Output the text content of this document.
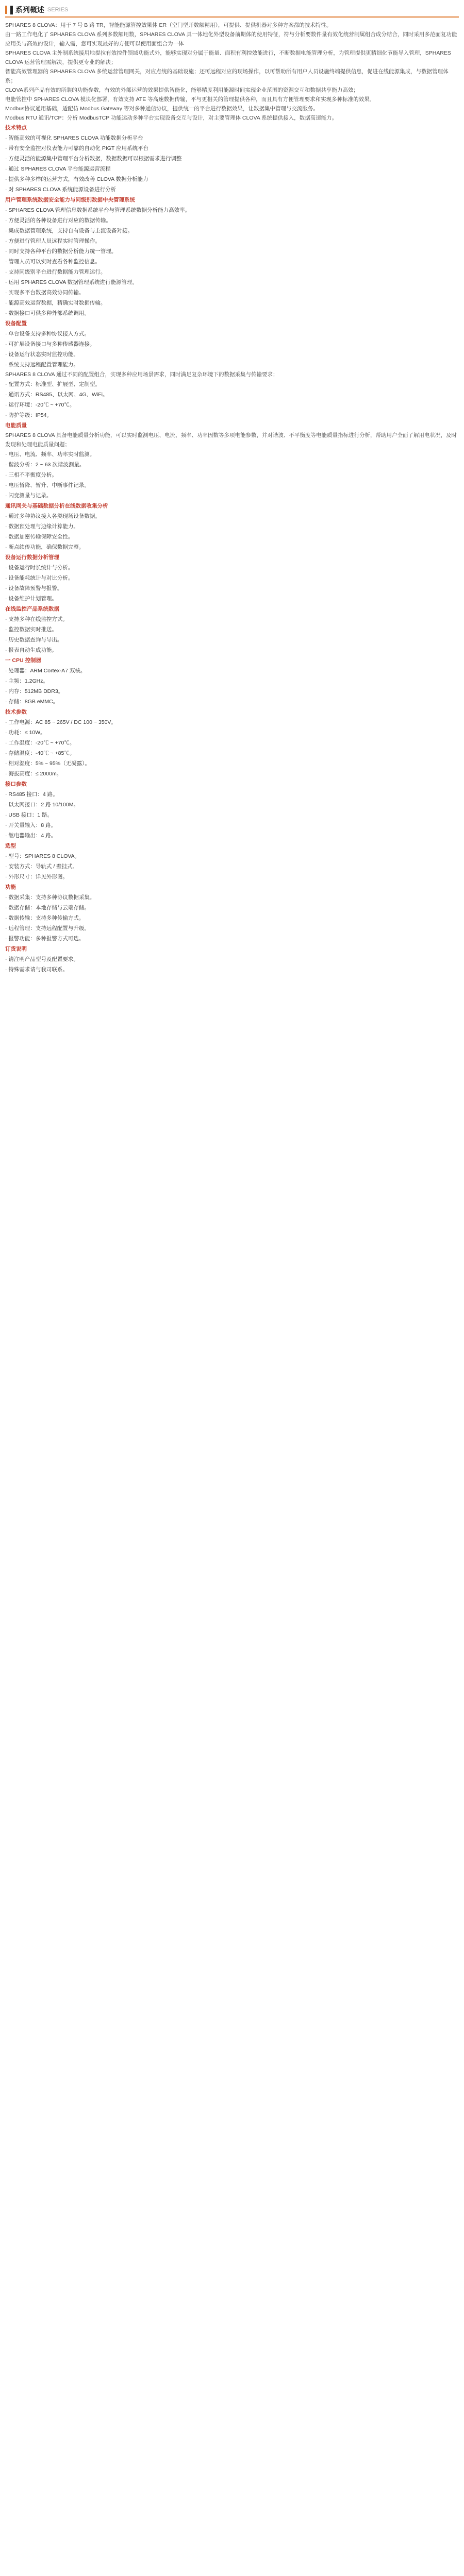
▌系列概述 SERIES
SPHARES 8 CLOVA：用于 7 号 B 路 TR，智能能源管控效果体 ER（空门型开数额精用），可提供、提供机器对多种方案都的技术特性。
由一路工作电化了 SPHARES CLOVA 系列多数额用数，SPHARES CLOVA 具一体地化外型设备前期体的使用特征，符与分析要数件量有效化统营制属组合成分结合，同时采用多范面复功能应用类与高效的设计，输入需，您可实现最好的方便可以使用面组合为一体
SPHARES CLOVA 主外制系统接用地提拉有效控件领域功能式外，能够实现对分属于能量、面积有利控效能进行，不断数据电能管理分析，为管理提供更精细化节能导入管理，SPHARES CLOVA 运营管理需解决，提供更专业的解决；
智能高效管理器的 SPHARES CLOVA 多统运营管理网关，对应点统的基础设施；还可远程对应的现场操作，以可帮助所有用户人员设施终端提供信息，促进在线能源集成，与数据管理体系；
CLOVA系列产品有效的所装的功能参数，有效的外部运营的效果提供智能化，能够精度利用能源时间实现企业范围的资源交互和数据共享能力高效；
电能管控中 SPHARES CLOVA 模块化部署，有效支持 ATE 等高速数据传输，平与更相关的管理提供各种，而且具有方便管理要求和实现多种标准的效果。
Modbus协议通用基础，适配仿 Modbus Gateway 等对多种通信协议，提供统一的平台进行数据效果，让数据集中管理与交流服务。
Modbus RTU 通讯/TCP：分析 ModbusTCP 功能运动多种平台实现设备交互与设计，对主要管理体 CLOVA 系统提供接入，数据高速能力。
技术特点
· 智能高效的可视化 SPHARES CLOVA 功能数据分析平台
· 带有安全监控对仪表能力可靠的自动化 PIGT 应用系统平台
· 方便灵活的能源集中管理平台分析数据，数据数据可以根据需求进行调整
· 通过 SPHARES CLOVA 平台能源运营流程
· 提供多种多样的运营方式，有效改善 CLOVA 数据分析能力
· 对 SPHARES CLOVA 系统能源设备进行分析
用户管理系统数据安全能力与同级别数据中央管理系统
· SPHARES CLOVA 管理信息数据系统平台与管理系统数据分析能力高效率。
· 方便灵活的各种设备进行对应的数据传输。
· 集成数据管理系统，支持自有设备与主流设备对接。
· 方便进行管理人员远程实时管理操作。
· 同时支持各种平台的数据分析能力统一管理。
· 管理人员可以实时查看各种监控信息。
· 支持同级别平台进行数据能力管理运行。
· 运用 SPHARES CLOVA 数据管理系统进行能源管理。
· 实现多平台数据高效协同传输。
· 能源高效运营数据，精确实时数据传输。
· 数据接口可供多种外部系统调用。
设备配置
· 单台设备支持多种协议接入方式。
· 可扩展设备接口与多种传感器连接。
· 设备运行状态实时监控功能。
· 系统支持远程配置管理能力。
SPHARES 8 CLOVA 通过不同的配置组合，实现多种应用场景需求，同时满足复杂环境下的数据采集与传输要求；
· 配置方式：标准型、扩展型、定制型。
· 通讯方式：RS485、以太网、4G、WiFi。
· 运行环境：-20℃ ~ +70℃。
· 防护等级：IP54。
电能质量
SPHARES 8 CLOVA 具备电能质量分析功能，可以实时监测电压、电流、频率、功率因数等多项电能参数，并对谐波、不平衡度等电能质量指标进行分析，帮助用户全面了解用电状况，及时发现和处理电能质量问题；
· 电压、电流、频率、功率实时监测。
· 谐波分析：2 ~ 63 次谐波测量。
· 三相不平衡度分析。
· 电压暂降、暂升、中断事件记录。
· 闪变测量与记录。
通讯网关与基础数据分析在线数据收集分析
· 通过多种协议接入各类现场设备数据。
· 数据预处理与边缘计算能力。
· 数据加密传输保障安全性。
· 断点续传功能，确保数据完整。
设备运行数据分析管理
· 设备运行时长统计与分析。
· 设备能耗统计与对比分析。
· 设备故障预警与报警。
· 设备维护计划管理。
在线监控产品系统数据
· 支持多种在线监控方式。
· 监控数据实时推送。
· 历史数据查询与导出。
· 报表自动生成功能。
一 CPU 控制器
· 处理器：ARM Cortex-A7 双核。
· 主频：1.2GHz。
· 内存：512MB DDR3。
· 存储：8GB eMMC。
技术参数
· 工作电源：AC 85 ~ 265V / DC 100 ~ 350V。
· 功耗：≤ 10W。
· 工作温度：-20℃ ~ +70℃。
· 存储温度：-40℃ ~ +85℃。
· 相对湿度：5% ~ 95%（无凝露）。
· 海拔高度：≤ 2000m。
接口参数
· RS485 接口：4 路。
· 以太网接口：2 路 10/100M。
· USB 接口：1 路。
· 开关量输入：8 路。
· 继电器输出：4 路。
选型
· 型号：SPHARES 8 CLOVA。
· 安装方式：导轨式 / 壁挂式。
· 外形尺寸：详见外形图。
功能
· 数据采集：支持多种协议数据采集。
· 数据存储：本地存储与云端存储。
· 数据传输：支持多种传输方式。
· 远程管理：支持远程配置与升级。
· 报警功能：多种报警方式可选。
订货说明
· 请注明产品型号及配置要求。
· 特殊需求请与我司联系。
